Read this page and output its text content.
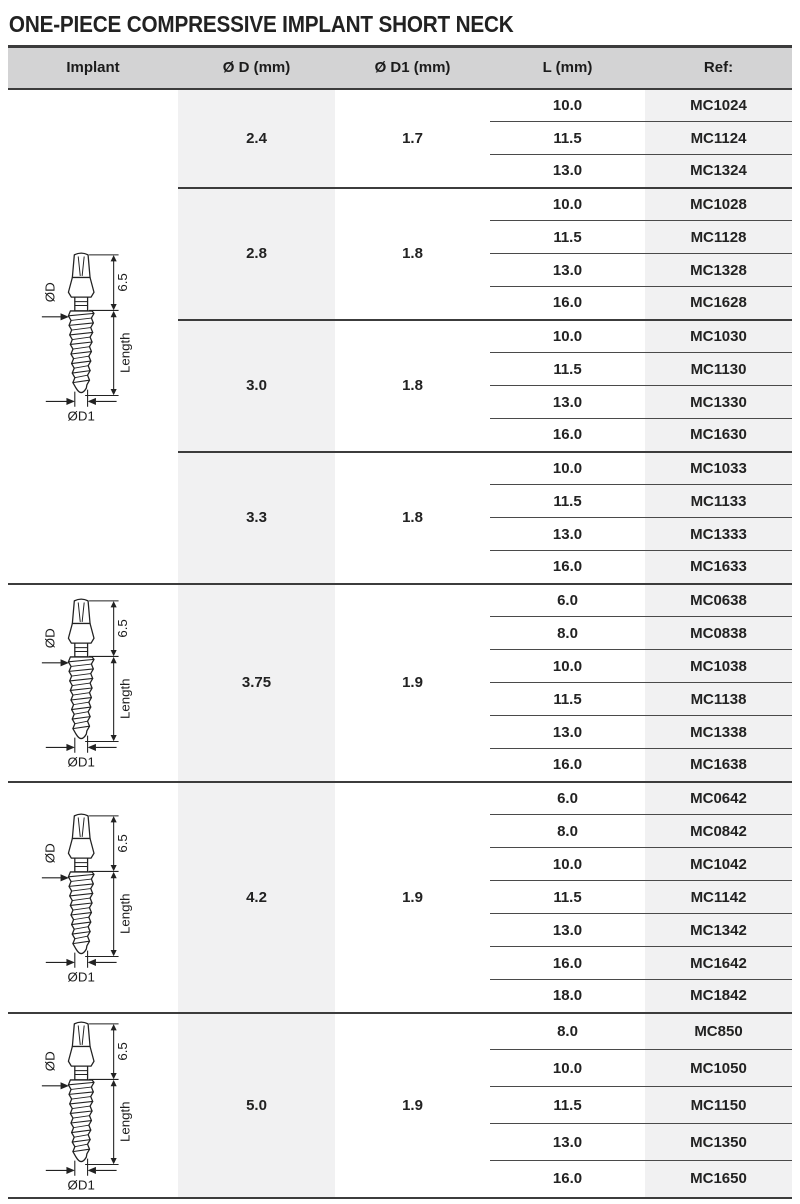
ONE-PIECE COMPRESSIVE IMPLANT SHORT NECK
Implant	Ø D (mm)	Ø D1 (mm)	L (mm)	Ref:

6.5
Length
ØD
ØD1	2.4	1.7	10.0	MC1024
			11.5	MC1124
			13.0	MC1324
	2.8	1.8	10.0	MC1028
			11.5	MC1128
			13.0	MC1328
			16.0	MC1628
	3.0	1.8	10.0	MC1030
			11.5	MC1130
			13.0	MC1330
			16.0	MC1630
	3.3	1.8	10.0	MC1033
			11.5	MC1133
			13.0	MC1333
			16.0	MC1633

6.5
Length
ØD
ØD1	3.75	1.9	6.0	MC0638
			8.0	MC0838
			10.0	MC1038
			11.5	MC1138
			13.0	MC1338
			16.0	MC1638

6.5
Length
ØD
ØD1	4.2	1.9	6.0	MC0642
			8.0	MC0842
			10.0	MC1042
			11.5	MC1142
			13.0	MC1342
			16.0	MC1642
			18.0	MC1842

6.5
Length
ØD
ØD1	5.0	1.9	8.0	MC850
			10.0	MC1050
			11.5	MC1150
			13.0	MC1350
			16.0	MC1650
